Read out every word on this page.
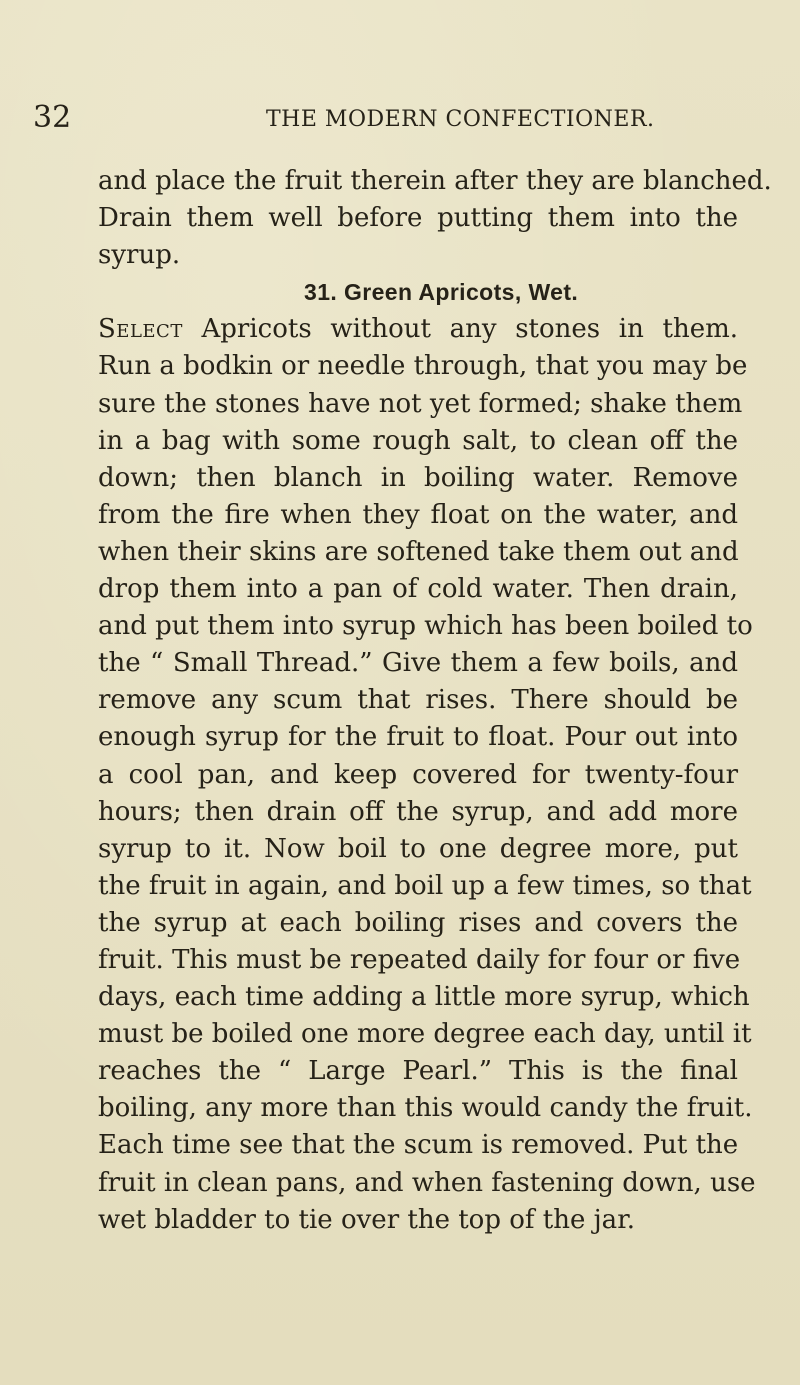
32	THE MODERN CONFECTIONER.
and place the fruit therein after they are blanched.
Drain them well before putting them into the
syrup.
31. Green Apricots, Wet.
Select Apricots without any stones in them.
Run a bodkin or needle through, that you may be
sure the stones have not yet formed; shake them
in a bag with some rough salt, to clean off the
down; then blanch in boiling water. Remove
from the fire when they float on the water, and
when their skins are softened take them out and
drop them into a pan of cold water. Then drain,
and put them into syrup which has been boiled to
the “ Small Thread.” Give them a few boils, and
remove any scum that rises. There should be
enough syrup for the fruit to float. Pour out into
a cool pan, and keep covered for twenty-four
hours; then drain off the syrup, and add more
syrup to it. Now boil to one degree more, put
the fruit in again, and boil up a few times, so that
the syrup at each boiling rises and covers the
fruit. This must be repeated daily for four or five
days, each time adding a little more syrup, which
must be boiled one more degree each day, until it
reaches the “ Large Pearl.” This is the final
boiling, any more than this would candy the fruit.
Each time see that the scum is removed. Put the
fruit in clean pans, and when fastening down, use
wet bladder to tie over the top of the jar.
